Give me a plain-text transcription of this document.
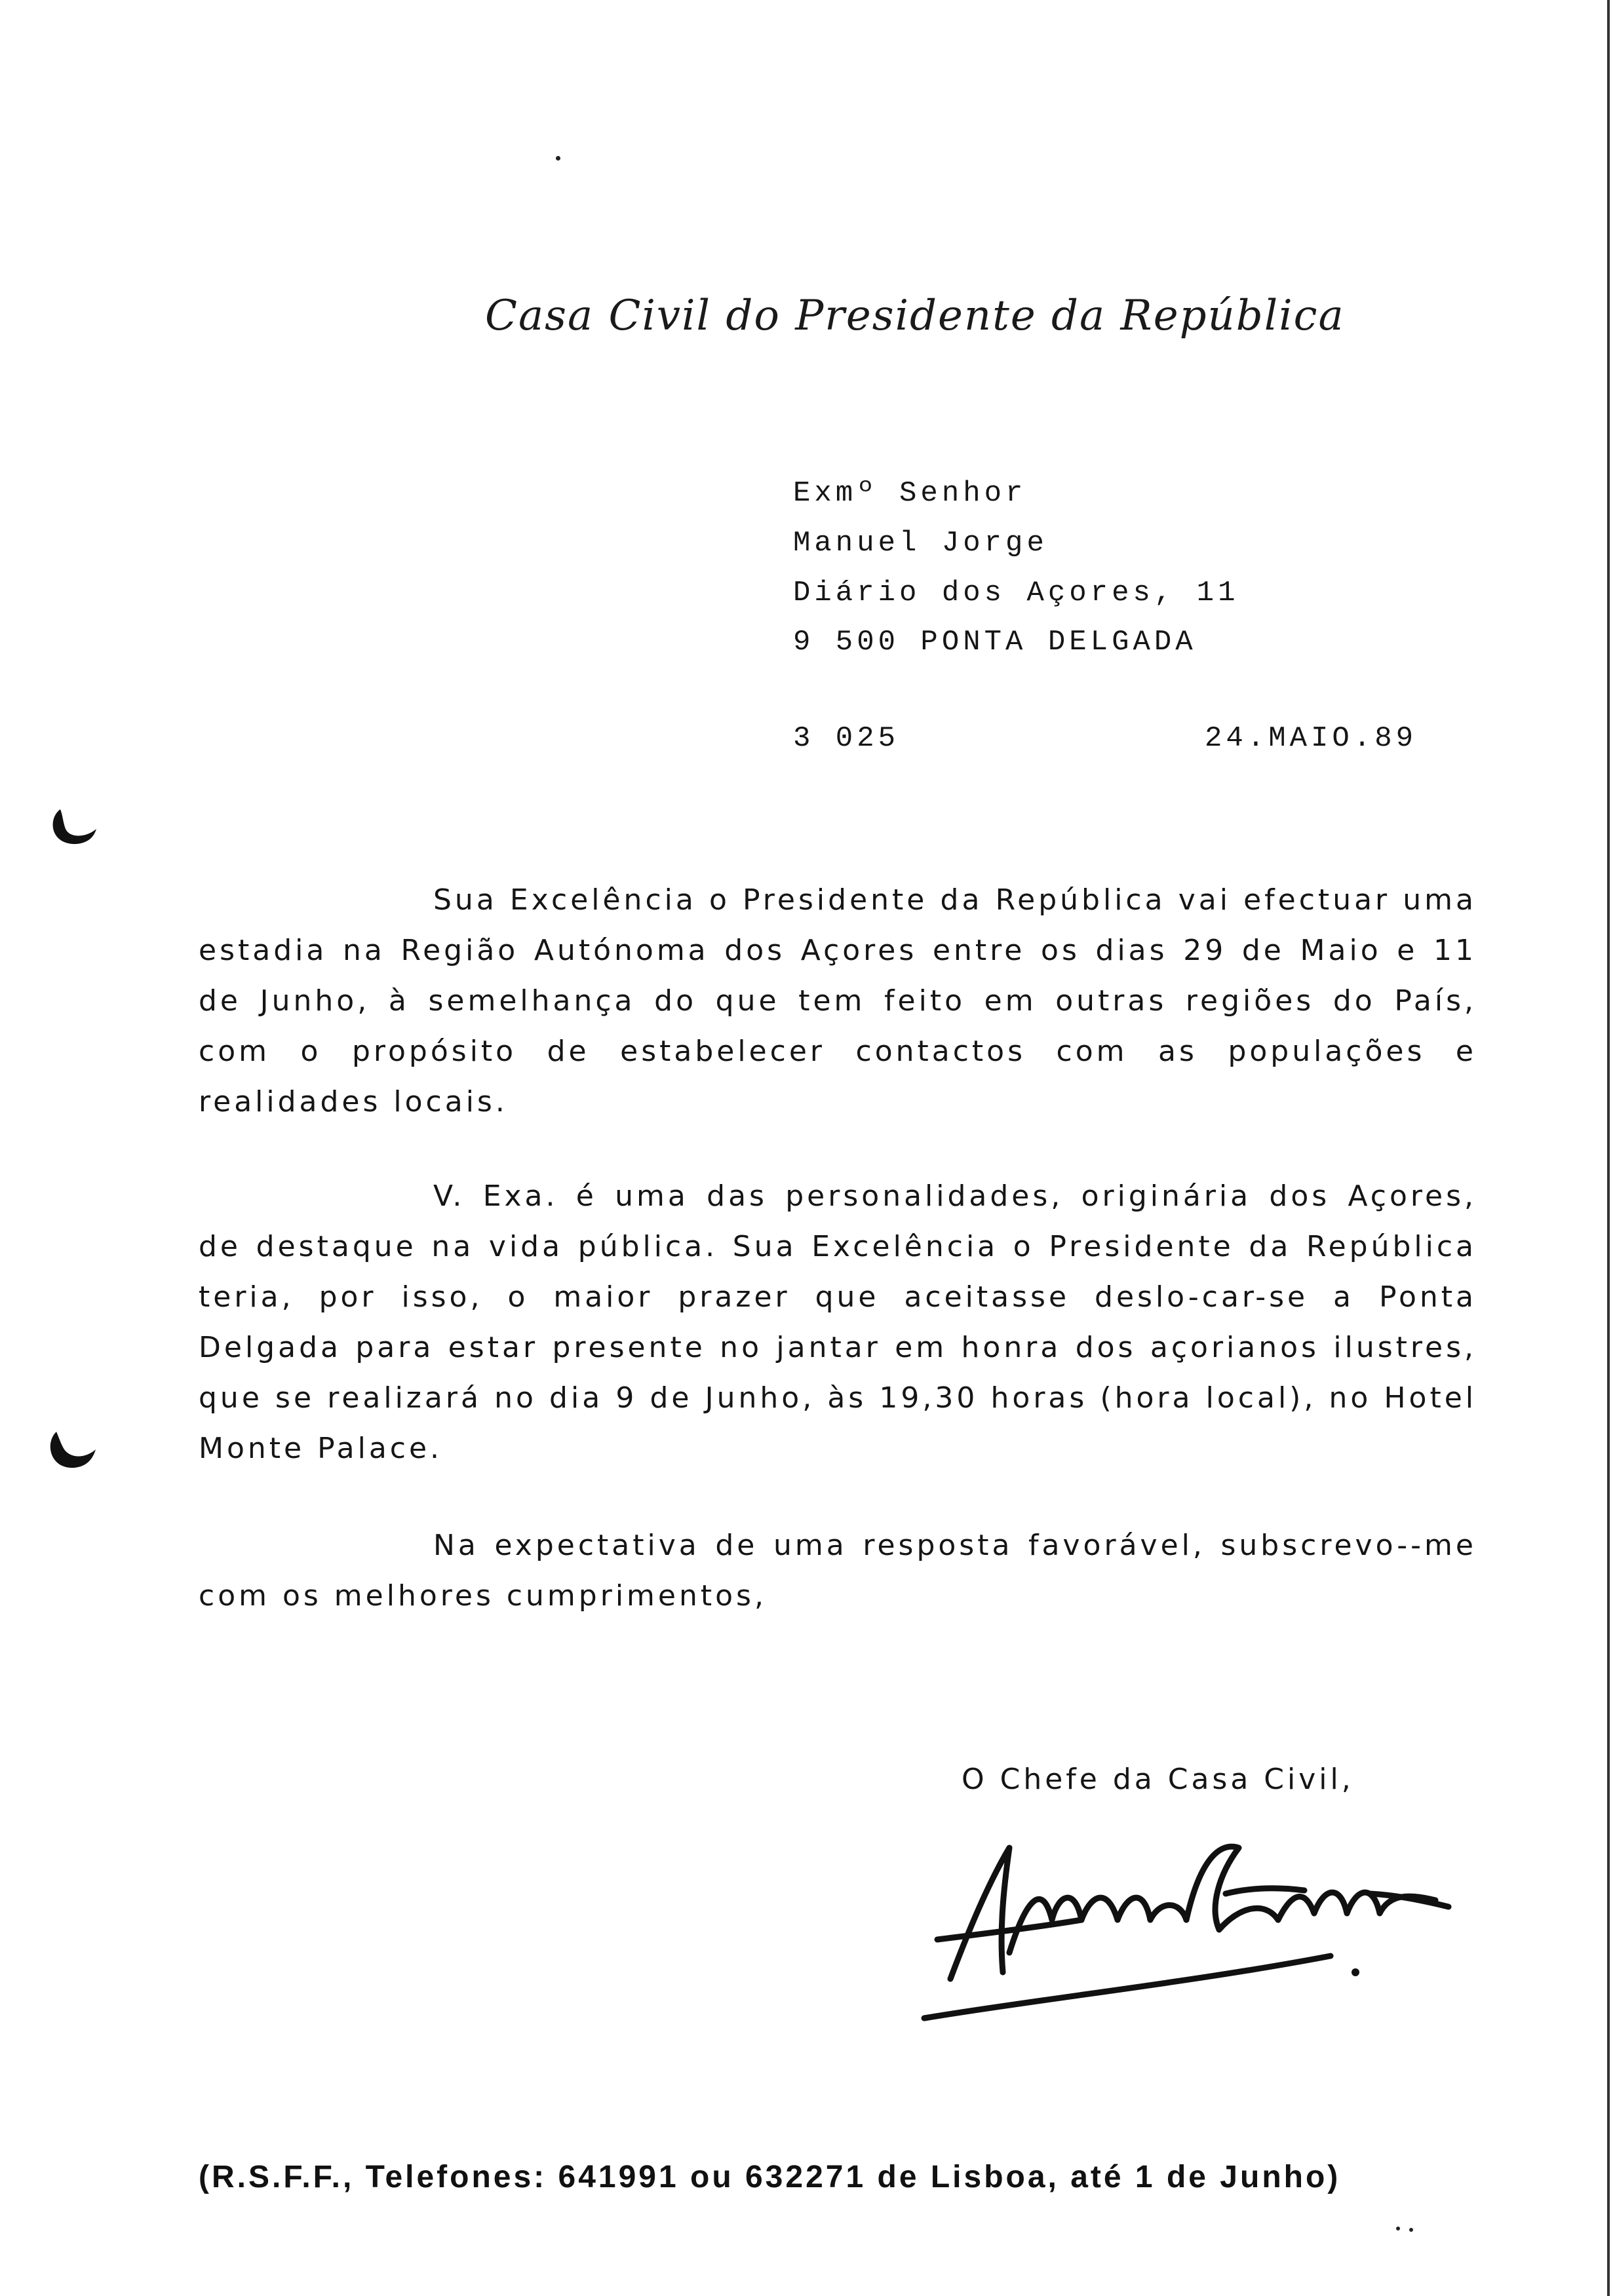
Casa Civil do Presidente da República
Exmº Senhor
Manuel Jorge
Diário dos Açores, 11
9 500 PONTA DELGADA
3 025	24.MAIO.89

Sua Excelência o Presidente da República vai efectuar uma estadia na Região Autónoma dos Açores entre os dias 29 de Maio e 11 de Junho, à semelhança do que tem feito em outras regiões do País, com o propósito de estabelecer contactos com as populações e realidades locais.

V. Exa. é uma das personalidades, originária dos Açores, de destaque na vida pública. Sua Excelência o Presidente da República teria, por isso, o maior prazer que aceitasse deslo-car-se a Ponta Delgada para estar presente no jantar em honra dos açorianos ilustres, que se realizará no dia 9 de Junho, às 19,30 horas (hora local), no Hotel Monte Palace.

Na expectativa de uma resposta favorável, subscrevo--me com os melhores cumprimentos,

O Chefe da Casa Civil,
(R.S.F.F., Telefones: 641991 ou 632271 de Lisboa, até 1 de Junho)
